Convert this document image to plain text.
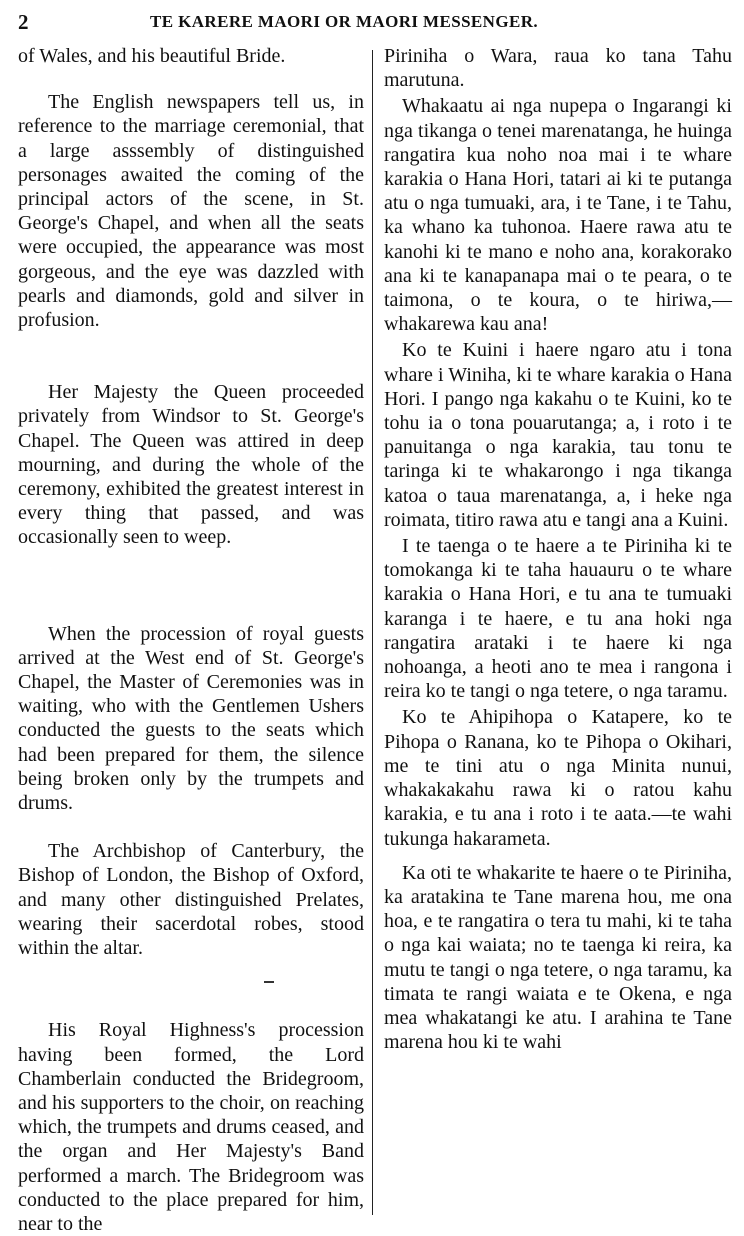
2	TE KARERE MAORI OR MAORI MESSENGER.

of Wales, and his beautiful Bride.

The English newspapers tell us, in reference to the marriage ceremonial, that a large asssembly of distinguished personages awaited the coming of the principal actors of the scene, in St. George's Chapel, and when all the seats were occupied, the appearance was most gorgeous, and the eye was dazzled with pearls and diamonds, gold and silver in profusion.

Her Majesty the Queen proceeded privately from Windsor to St. George's Chapel. The Queen was attired in deep mourning, and during the whole of the ceremony, exhibited the greatest interest in every thing that passed, and was occasionally seen to weep.

When the procession of royal guests arrived at the West end of St. George's Chapel, the Master of Ceremonies was in waiting, who with the Gentlemen Ushers conducted the guests to the seats which had been prepared for them, the silence being broken only by the trumpets and drums.

The Archbishop of Canterbury, the Bishop of London, the Bishop of Oxford, and many other distinguished Prelates, wearing their sacerdotal robes, stood within the altar.

His Royal Highness's procession having been formed, the Lord Chamberlain conducted the Bridegroom, and his supporters to the choir, on reaching which, the trumpets and drums ceased, and the organ and Her Majesty's Band performed a march. The Bridegroom was conducted to the place prepared for him, near to the

Piriniha o Wara, raua ko tana Tahu marutuna.

Whakaatu ai nga nupepa o Ingarangi ki nga tikanga o tenei marenatanga, he huinga rangatira kua noho noa mai i te whare karakia o Hana Hori, tatari ai ki te putanga atu o nga tumuaki, ara, i te Tane, i te Tahu, ka whano ka tuhonoa. Haere rawa atu te kanohi ki te mano e noho ana, korakorako ana ki te kanapanapa mai o te peara, o te taimona, o te koura, o te hiriwa,— whakarewa kau ana!

Ko te Kuini i haere ngaro atu i tona whare i Winiha, ki te whare karakia o Hana Hori. I pango nga kakahu o te Kuini, ko te tohu ia o tona pouarutanga; a, i roto i te panuitanga o nga karakia, tau tonu te taringa ki te whakarongo i nga tikanga katoa o taua marenatanga, a, i heke nga roimata, titiro rawa atu e tangi ana a Kuini.

I te taenga o te haere a te Piriniha ki te tomokanga ki te taha hauauru o te whare karakia o Hana Hori, e tu ana te tumuaki karanga i te haere, e tu ana hoki nga rangatira arataki i te haere ki nga nohoanga, a heoti ano te mea i rangona i reira ko te tangi o nga tetere, o nga taramu.

Ko te Ahipihopa o Katapere, ko te Pihopa o Ranana, ko te Pihopa o Okihari, me te tini atu o nga Minita nunui, whakakakahu rawa ki o ratou kahu karakia, e tu ana i roto i te aata.—te wahi tukunga hakarameta.

Ka oti te whakarite te haere o te Piriniha, ka aratakina te Tane marena hou, me ona hoa, e te rangatira o tera tu mahi, ki te taha o nga kai waiata; no te taenga ki reira, ka mutu te tangi o nga tetere, o nga taramu, ka timata te rangi waiata e te Okena, e nga mea whakatangi ke atu. I arahina te Tane marena hou ki te wahi
